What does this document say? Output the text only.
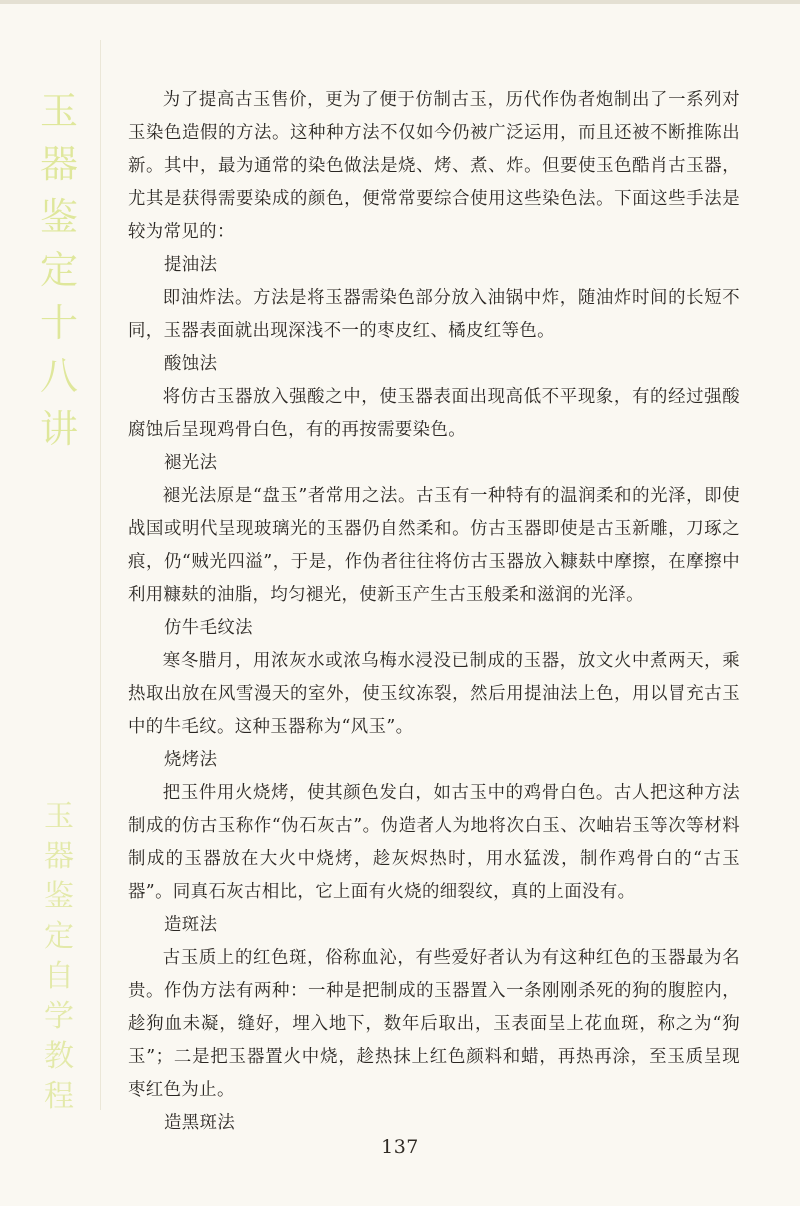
玉
器
鉴
定
十
八
讲
玉
器
鉴
定
自
学
教
程

为了提高古玉售价，更为了便于仿制古玉，历代作伪者炮制出了一系列对玉染色造假的方法。这种种方法不仅如今仍被广泛运用，而且还被不断推陈出新。其中，最为通常的染色做法是烧、烤、煮、炸。但要使玉色酷肖古玉器，尤其是获得需要染成的颜色，便常常要综合使用这些染色法。下面这些手法是较为常见的：

提油法

即油炸法。方法是将玉器需染色部分放入油锅中炸，随油炸时间的长短不同，玉器表面就出现深浅不一的枣皮红、橘皮红等色。

酸蚀法

将仿古玉器放入强酸之中，使玉器表面出现高低不平现象，有的经过强酸腐蚀后呈现鸡骨白色，有的再按需要染色。

褪光法

褪光法原是“盘玉”者常用之法。古玉有一种特有的温润柔和的光泽，即使战国或明代呈现玻璃光的玉器仍自然柔和。仿古玉器即使是古玉新雕，刀琢之痕，仍“贼光四溢”，于是，作伪者往往将仿古玉器放入糠麸中摩擦，在摩擦中利用糠麸的油脂，均匀褪光，使新玉产生古玉般柔和滋润的光泽。

仿牛毛纹法

寒冬腊月，用浓灰水或浓乌梅水浸没已制成的玉器，放文火中煮两天，乘热取出放在风雪漫天的室外，使玉纹冻裂，然后用提油法上色，用以冒充古玉中的牛毛纹。这种玉器称为“风玉”。

烧烤法

把玉件用火烧烤，使其颜色发白，如古玉中的鸡骨白色。古人把这种方法制成的仿古玉称作“伪石灰古”。伪造者人为地将次白玉、次岫岩玉等次等材料制成的玉器放在大火中烧烤，趁灰烬热时，用水猛泼，制作鸡骨白的“古玉器”。同真石灰古相比，它上面有火烧的细裂纹，真的上面没有。

造斑法

古玉质上的红色斑，俗称血沁，有些爱好者认为有这种红色的玉器最为名贵。作伪方法有两种：一种是把制成的玉器置入一条刚刚杀死的狗的腹腔内，趁狗血未凝，缝好，埋入地下，数年后取出，玉表面呈上花血斑，称之为“狗玉”；二是把玉器置火中烧，趁热抹上红色颜料和蜡，再热再涂，至玉质呈现枣红色为止。

造黑斑法

137
